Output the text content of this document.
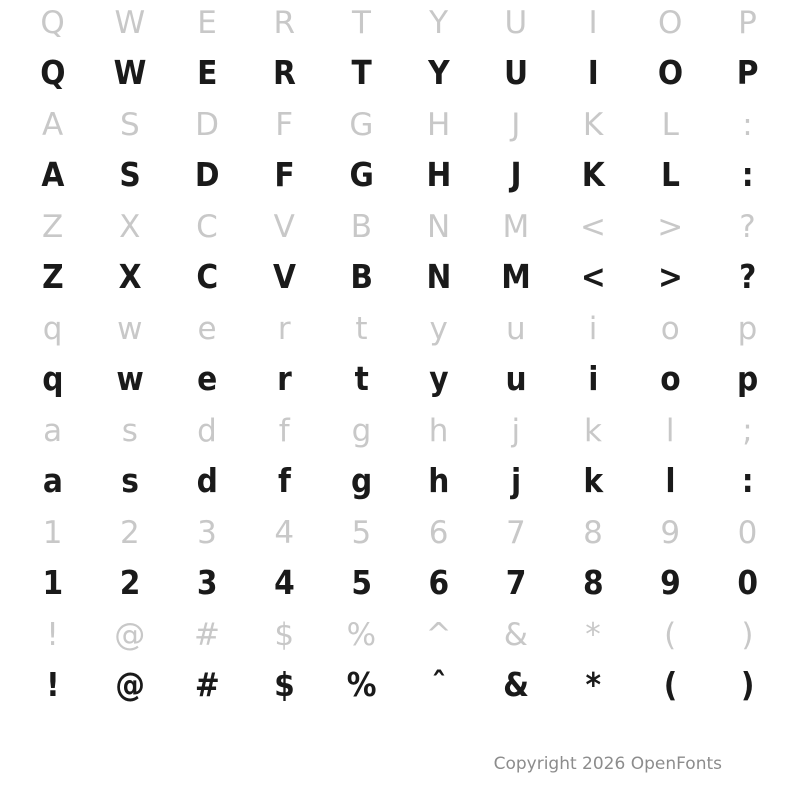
Q	W	E	R	T	Y	U	I	O	P
Q	W	E	R	T	Y	U	I	O	P
A	S	D	F	G	H	J	K	L	:
A	S	D	F	G	H	J	K	L	:
Z	X	C	V	B	N	M	<	>	?
Z	X	C	V	B	N	M	<	>	?
q	w	e	r	t	y	u	i	o	p
q	w	e	r	t	y	u	i	o	p
a	s	d	f	g	h	j	k	l	;
a	s	d	f	g	h	j	k	l	:
1	2	3	4	5	6	7	8	9	0
1	2	3	4	5	6	7	8	9	0
!	@	#	$	%	^	&	*	(	)
!	@	#	$	%	ˆ	&	*	(	)
Copyright 2026 OpenFonts
